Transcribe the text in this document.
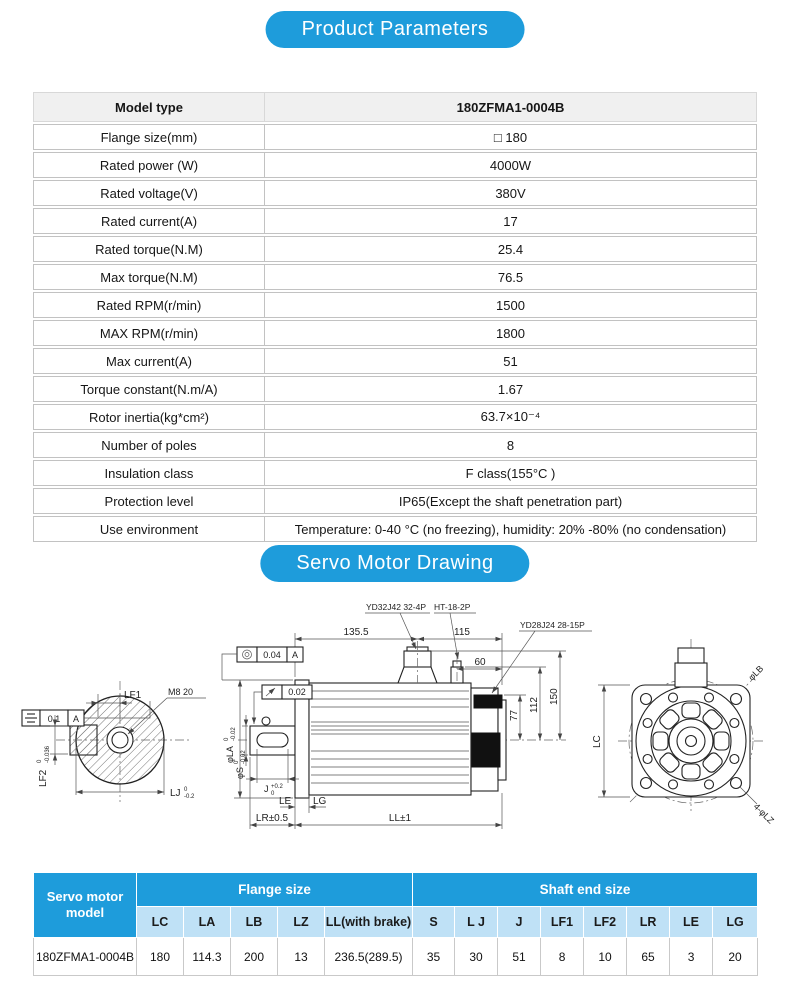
Product Parameters
Servo Motor Drawing
Model type	180ZFMA1-0004B
Flange size(mm)	□ 180
Rated power (W)	4000W
Rated voltage(V)	380V
Rated current(A)	17
Rated torque(N.M)	25.4
Max torque(N.M)	76.5
Rated RPM(r/min)	1500
MAX RPM(r/min)	1800
Max current(A)	51
Torque constant(N.m/A)	1.67
Rotor inertia(kg*cm²)	63.7×10⁻⁴
Number of poles	8
Insulation class	F class(155°C )
Protection level	IP65(Except the shaft penetration part)
Use environment	Temperature: 0-40 °C (no freezing), humidity: 20% -80% (no condensation)
0.1 A
LF1	M8 20
LF2
0 -0.036
LJ 0
-0.2
YD32J42 32-4P HT-18-2P
YD28J24 28-15P
135.5	115
60
77
112
150
0.04 A
0.02
φLA
0 -0.02
φS
0 -0.02
J +0.2
0
LE LG
LR±0.5	LL±1
LC
φLB
4-φLZ
Servo motor model	Flange size					Shaft end size							
	LC	LA	LB	LZ	LL(with brake)	S	L J	J	LF1	LF2	LR	LE	LG
180ZFMA1-0004B	180	114.3	200	13	236.5(289.5)	35	30	51	8	10	65	3	20
